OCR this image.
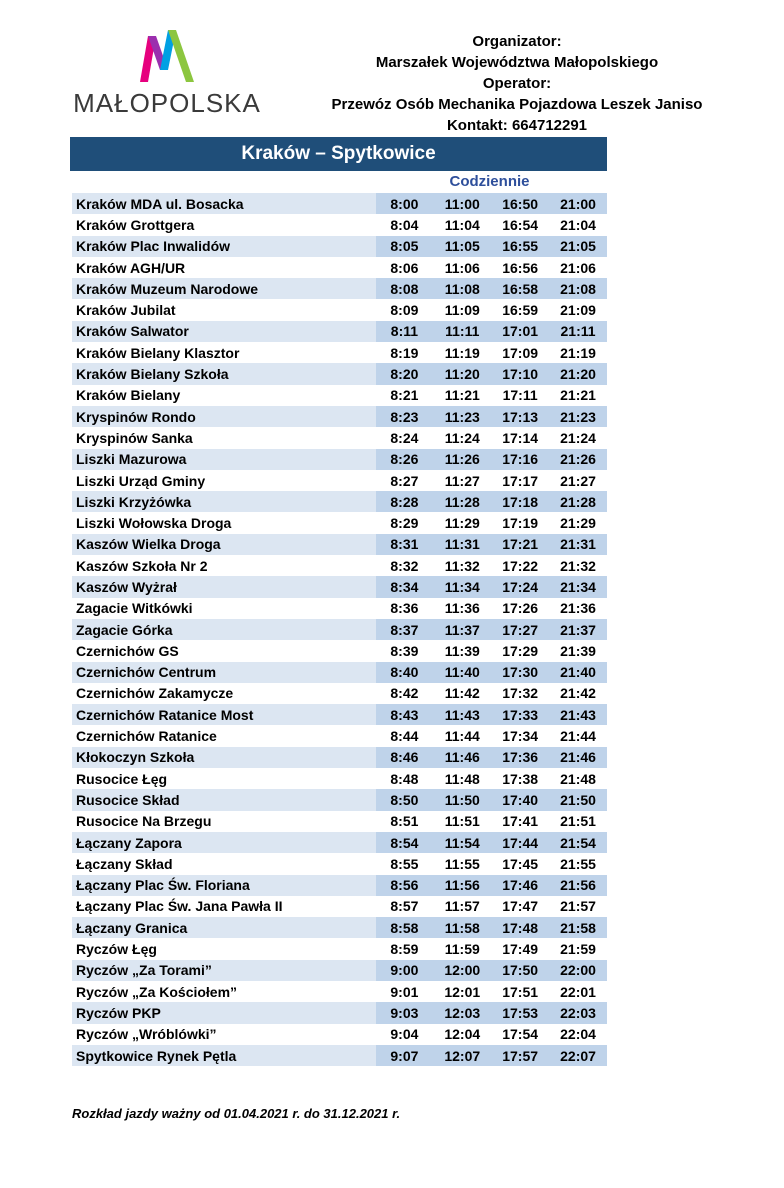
MAŁOPOLSKA
Organizator:
Marszałek Województwa Małopolskiego
Operator:
Przewóz Osób Mechanika Pojazdowa Leszek Janiso
Kontakt: 664712291
Kraków – Spytkowice
Codziennie
Kraków MDA ul. Bosacka	8:00	11:00	16:50	21:00
Kraków Grottgera	8:04	11:04	16:54	21:04
Kraków Plac Inwalidów	8:05	11:05	16:55	21:05
Kraków AGH/UR	8:06	11:06	16:56	21:06
Kraków Muzeum Narodowe	8:08	11:08	16:58	21:08
Kraków Jubilat	8:09	11:09	16:59	21:09
Kraków Salwator	8:11	11:11	17:01	21:11
Kraków Bielany Klasztor	8:19	11:19	17:09	21:19
Kraków Bielany Szkoła	8:20	11:20	17:10	21:20
Kraków Bielany	8:21	11:21	17:11	21:21
Kryspinów Rondo	8:23	11:23	17:13	21:23
Kryspinów Sanka	8:24	11:24	17:14	21:24
Liszki Mazurowa	8:26	11:26	17:16	21:26
Liszki Urząd Gminy	8:27	11:27	17:17	21:27
Liszki Krzyżówka	8:28	11:28	17:18	21:28
Liszki Wołowska Droga	8:29	11:29	17:19	21:29
Kaszów Wielka Droga	8:31	11:31	17:21	21:31
Kaszów Szkoła Nr 2	8:32	11:32	17:22	21:32
Kaszów Wyżrał	8:34	11:34	17:24	21:34
Zagacie Witkówki	8:36	11:36	17:26	21:36
Zagacie Górka	8:37	11:37	17:27	21:37
Czernichów GS	8:39	11:39	17:29	21:39
Czernichów Centrum	8:40	11:40	17:30	21:40
Czernichów Zakamycze	8:42	11:42	17:32	21:42
Czernichów Ratanice Most	8:43	11:43	17:33	21:43
Czernichów Ratanice	8:44	11:44	17:34	21:44
Kłokoczyn Szkoła	8:46	11:46	17:36	21:46
Rusocice Łęg	8:48	11:48	17:38	21:48
Rusocice Skład	8:50	11:50	17:40	21:50
Rusocice Na Brzegu	8:51	11:51	17:41	21:51
Łączany Zapora	8:54	11:54	17:44	21:54
Łączany Skład	8:55	11:55	17:45	21:55
Łączany Plac Św. Floriana	8:56	11:56	17:46	21:56
Łączany Plac Św. Jana Pawła II	8:57	11:57	17:47	21:57
Łączany Granica	8:58	11:58	17:48	21:58
Ryczów Łęg	8:59	11:59	17:49	21:59
Ryczów „Za Torami”	9:00	12:00	17:50	22:00
Ryczów „Za Kościołem”	9:01	12:01	17:51	22:01
Ryczów PKP	9:03	12:03	17:53	22:03
Ryczów „Wróblówki”	9:04	12:04	17:54	22:04
Spytkowice Rynek Pętla	9:07	12:07	17:57	22:07
Rozkład jazdy ważny od 01.04.2021 r. do 31.12.2021 r.
